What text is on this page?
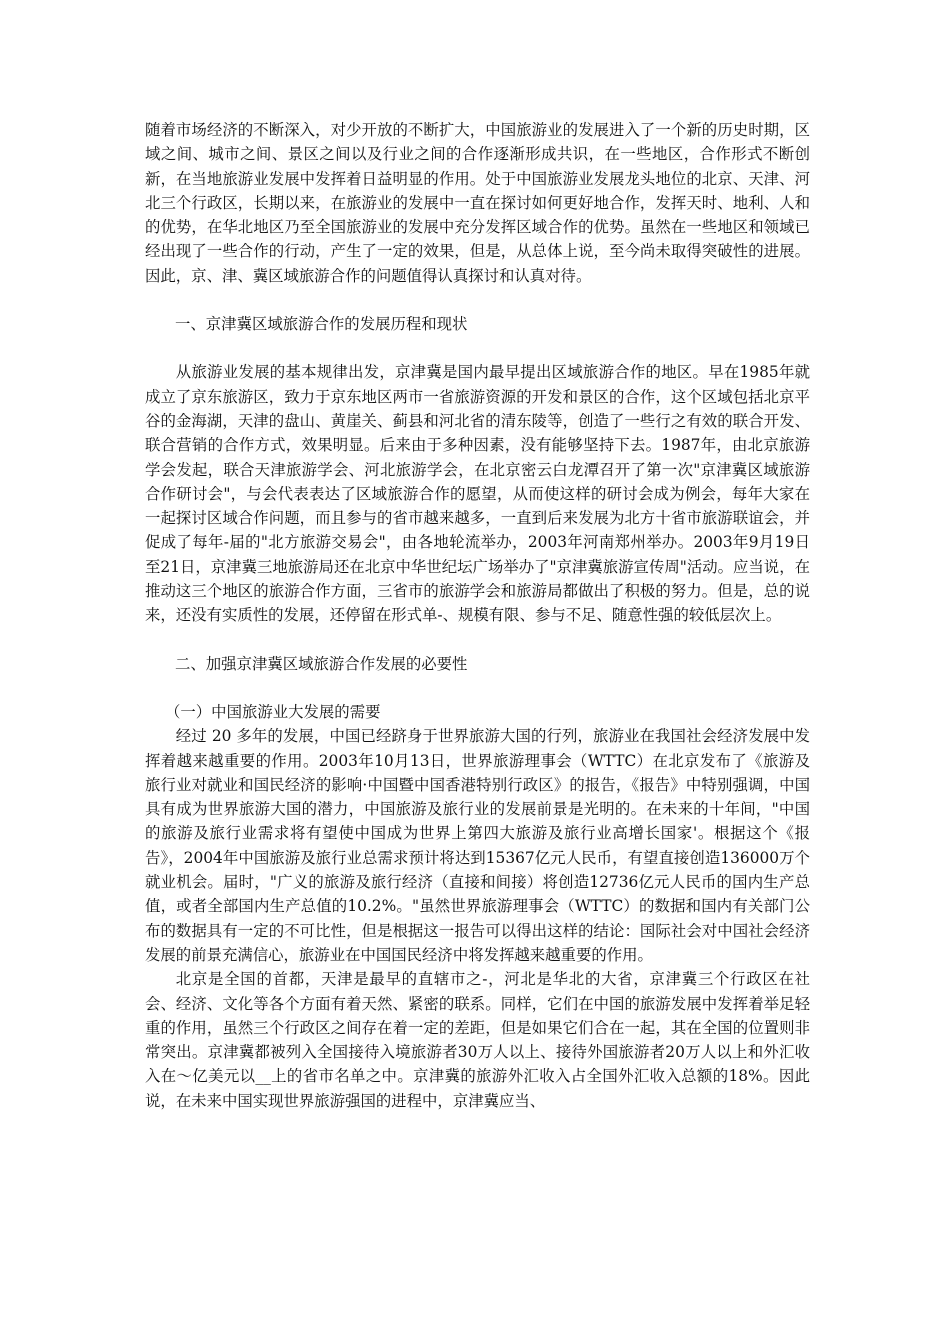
随着市场经济的不断深入，对少开放的不断扩大，中国旅游业的发展进入了一个新的历史时期，区域之间、城市之间、景区之间以及行业之间的合作逐渐形成共识，在一些地区，合作形式不断创新，在当地旅游业发展中发挥着日益明显的作用。处于中国旅游业发展龙头地位的北京、天津、河北三个行政区，长期以来，在旅游业的发展中一直在探讨如何更好地合作，发挥天时、地利、人和的优势，在华北地区乃至全国旅游业的发展中充分发挥区域合作的优势。虽然在一些地区和领域已经出现了一些合作的行动，产生了一定的效果，但是，从总体上说，至今尚未取得突破性的进展。因此，京、津、冀区域旅游合作的问题值得认真探讨和认真对待。

一、京津冀区域旅游合作的发展历程和现状

从旅游业发展的基本规律出发，京津冀是国内最早提出区域旅游合作的地区。早在1985年就成立了京东旅游区，致力于京东地区两市一省旅游资源的开发和景区的合作，这个区域包括北京平谷的金海湖，天津的盘山、黄崖关、蓟县和河北省的清东陵等，创造了一些行之有效的联合开发、联合营销的合作方式，效果明显。后来由于多种因素，没有能够坚持下去。1987年，由北京旅游学会发起，联合天津旅游学会、河北旅游学会，在北京密云白龙潭召开了第一次"京津冀区域旅游合作研讨会"，与会代表表达了区域旅游合作的愿望，从而使这样的研讨会成为例会，每年大家在一起探讨区域合作问题，而且参与的省市越来越多，一直到后来发展为北方十省市旅游联谊会，并促成了每年-届的"北方旅游交易会"，由各地轮流举办，2003年河南郑州举办。2003年9月19日至21日，京津冀三地旅游局还在北京中华世纪坛广场举办了"京津冀旅游宣传周"活动。应当说，在推动这三个地区的旅游合作方面，三省市的旅游学会和旅游局都做出了积极的努力。但是，总的说来，还没有实质性的发展，还停留在形式单-、规模有限、参与不足、随意性强的较低层次上。

二、加强京津冀区域旅游合作发展的必要性

（一）中国旅游业大发展的需要

经过 20 多年的发展，中国已经跻身于世界旅游大国的行列，旅游业在我国社会经济发展中发挥着越来越重要的作用。2003年10月13日，世界旅游理事会（WTTC）在北京发布了《旅游及旅行业对就业和国民经济的影响·中国暨中国香港特别行政区》的报告，《报告》中特别强调，中国具有成为世界旅游大国的潜力，中国旅游及旅行业的发展前景是光明的。在未来的十年间，"中国的旅游及旅行业需求将有望使中国成为世界上第四大旅游及旅行业高增长国家'。根据这个《报告》，2004年中国旅游及旅行业总需求预计将达到15367亿元人民币，有望直接创造136000万个就业机会。届时，"广义的旅游及旅行经济（直接和间接）将创造12736亿元人民币的国内生产总值，或者全部国内生产总值的10.2%。"虽然世界旅游理事会（WTTC）的数据和国内有关部门公布的数据具有一定的不可比性，但是根据这一报告可以得出这样的结论：国际社会对中国社会经济发展的前景充满信心，旅游业在中国国民经济中将发挥越来越重要的作用。

北京是全国的首都，天津是最早的直辖市之-，河北是华北的大省，京津冀三个行政区在社会、经济、文化等各个方面有着天然、紧密的联系。同样，它们在中国的旅游发展中发挥着举足轻重的作用，虽然三个行政区之间存在着一定的差距，但是如果它们合在一起，其在全国的位置则非常突出。京津冀都被列入全国接待入境旅游者30万人以上、接待外国旅游者20万人以上和外汇收入在～亿美元以__上的省市名单之中。京津冀的旅游外汇收入占全国外汇收入总额的18%。因此说，在未来中国实现世界旅游强国的进程中，京津冀应当、
